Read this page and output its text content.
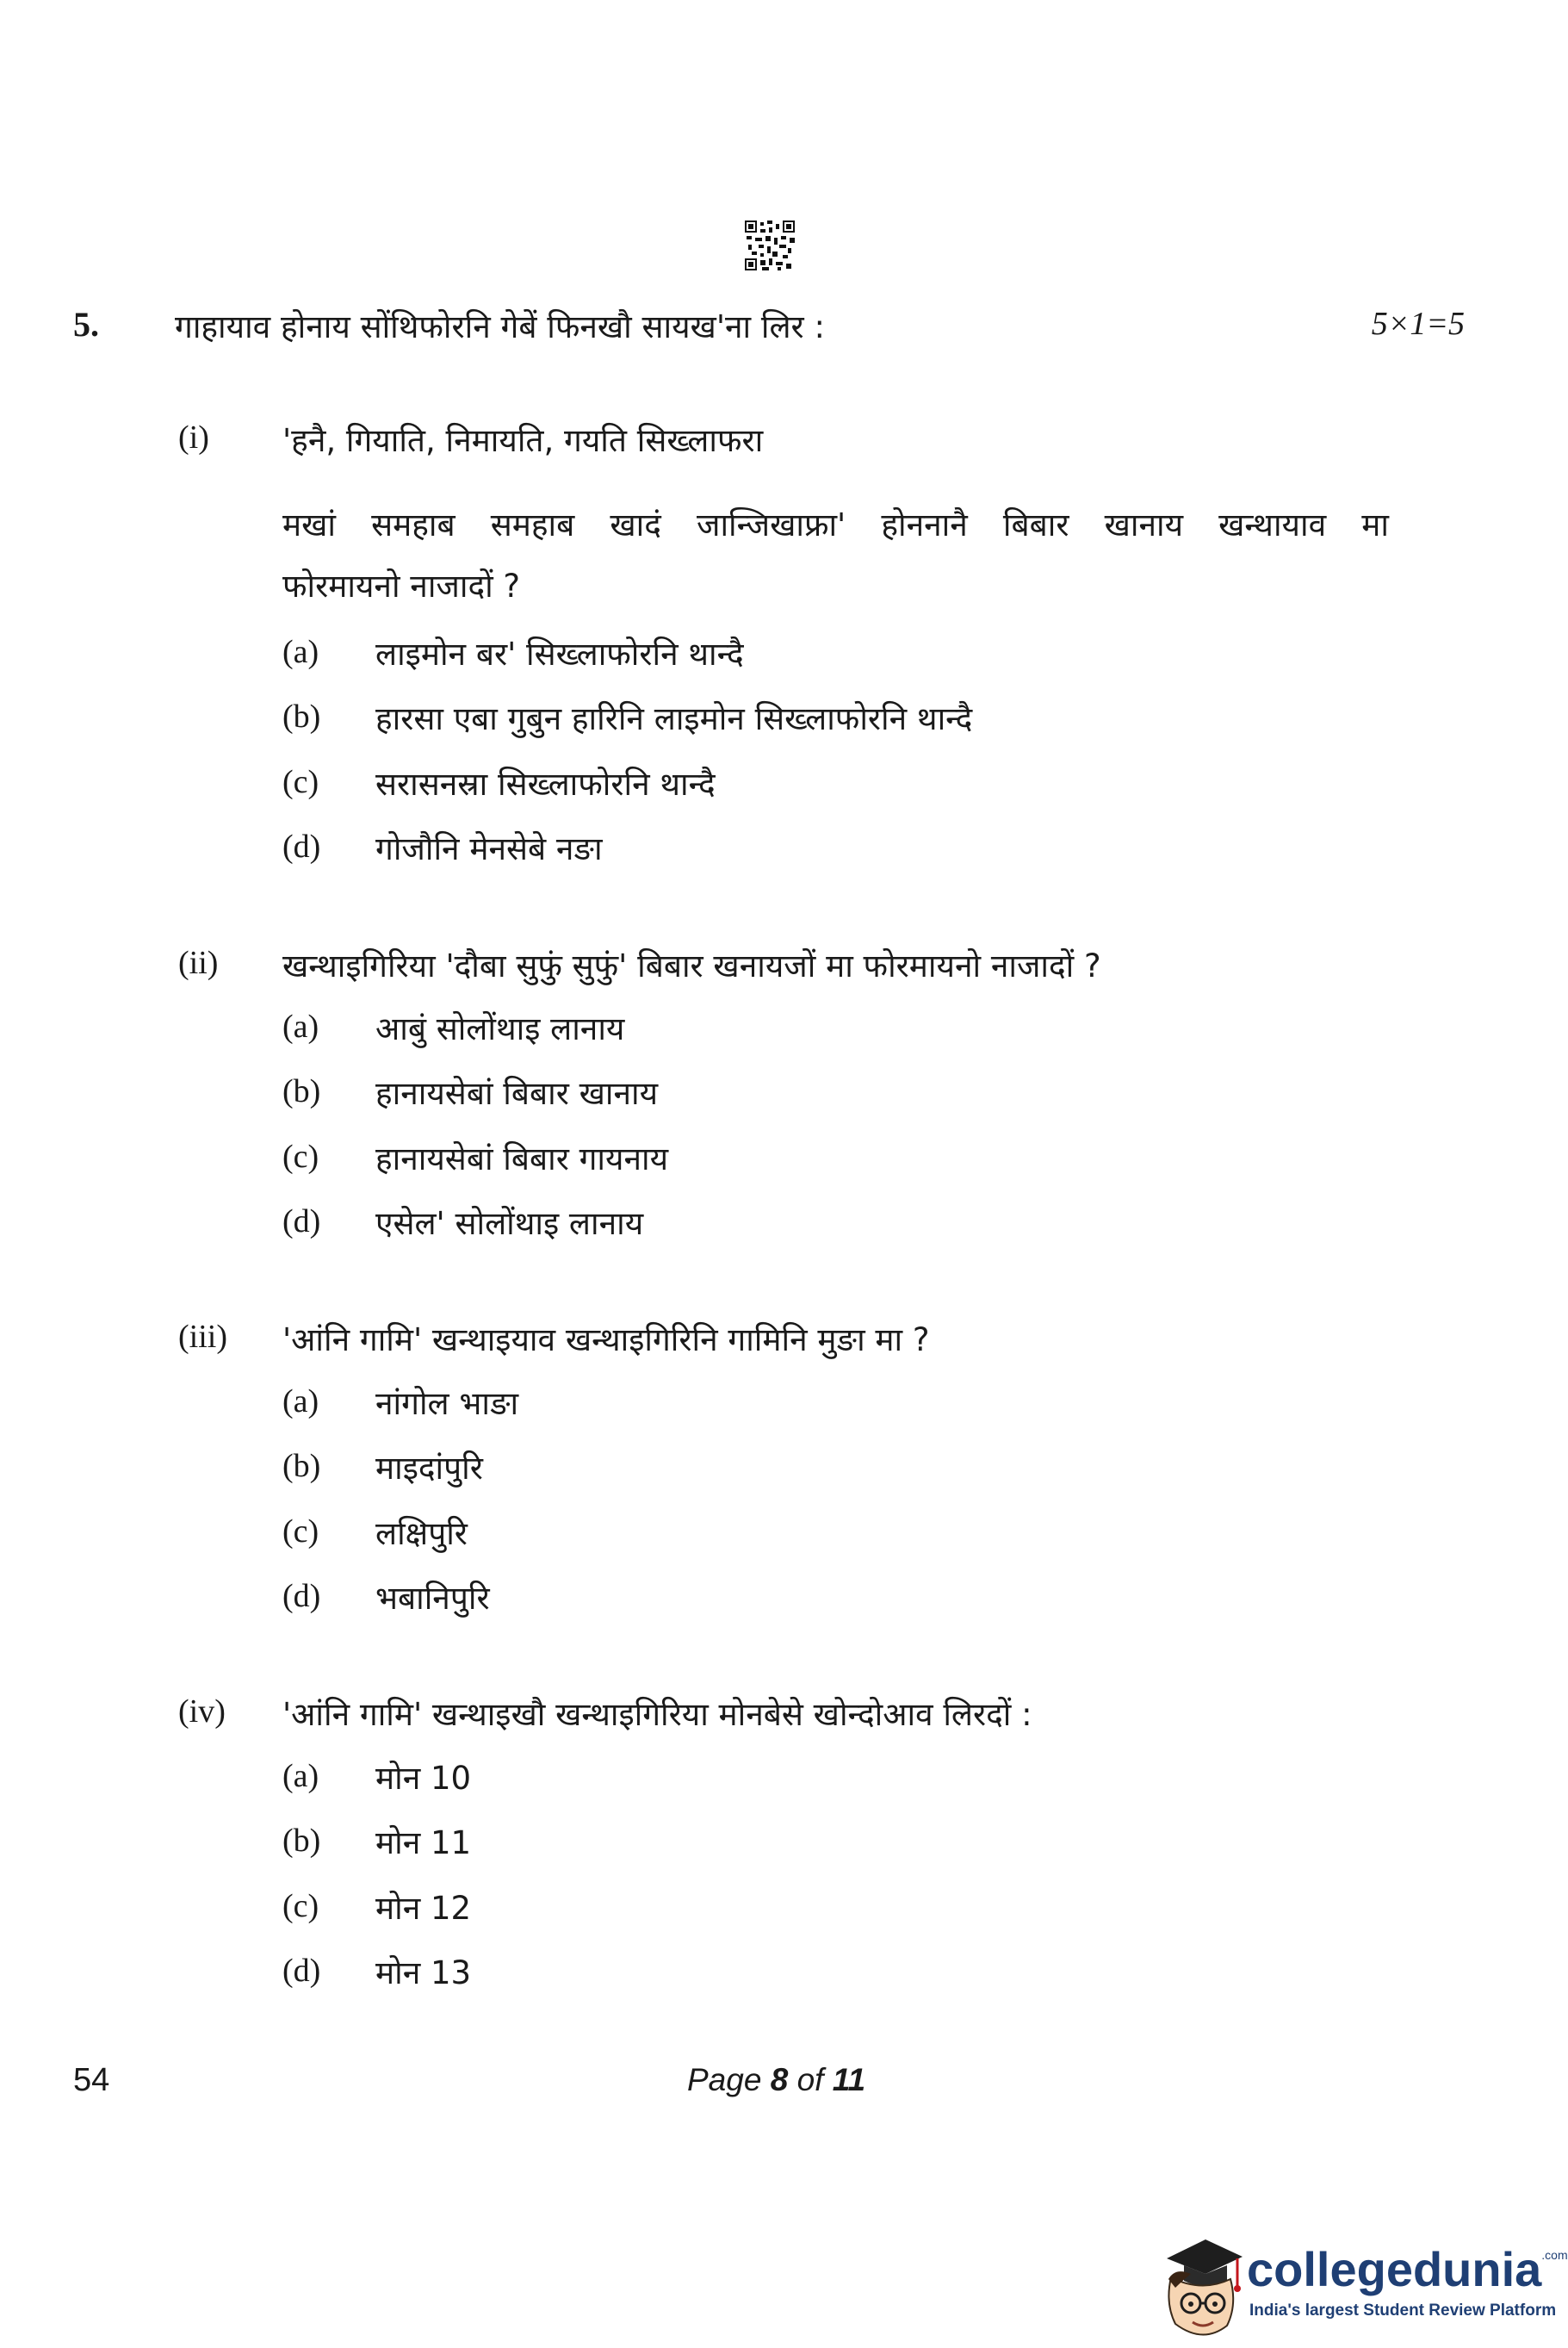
5. गाहायाव होनाय सोंथिफोरनि गेबें फिनखौ सायख'ना लिर :	5×1=5
(i) 'हनै, गियाति, निमायति, गयति सिख्लाफरा
मखां समहाब समहाब खादं जान्जिखाफ्रा' होननानै बिबार खानाय खन्थायाव मा
फोरमायनो नाजादों ?
(a) लाइमोन बर' सिख्लाफोरनि थान्दै
(b) हारसा एबा गुबुन हारिनि लाइमोन सिख्लाफोरनि थान्दै
(c) सरासनस्रा सिख्लाफोरनि थान्दै
(d) गोजौनि मेनसेबे नङा
(ii) खन्थाइगिरिया 'दौबा सुफुं सुफुं' बिबार खनायजों मा फोरमायनो नाजादों ?
(a) आबुं सोलोंथाइ लानाय
(b) हानायसेबां बिबार खानाय
(c) हानायसेबां बिबार गायनाय
(d) एसेल' सोलोंथाइ लानाय
(iii) 'आंनि गामि' खन्थाइयाव खन्थाइगिरिनि गामिनि मुङा मा ?
(a) नांगोल भाङा
(b) माइदांपुरि
(c) लक्षिपुरि
(d) भबानिपुरि
(iv) 'आंनि गामि' खन्थाइखौ खन्थाइगिरिया मोनबेसे खोन्दोआव लिरदों :
(a) मोन 10
(b) मोन 11
(c) मोन 12
(d) मोन 13
54	Page 8 of 11
collegedunia$^{.com}$
India's largest Student Review Platform
